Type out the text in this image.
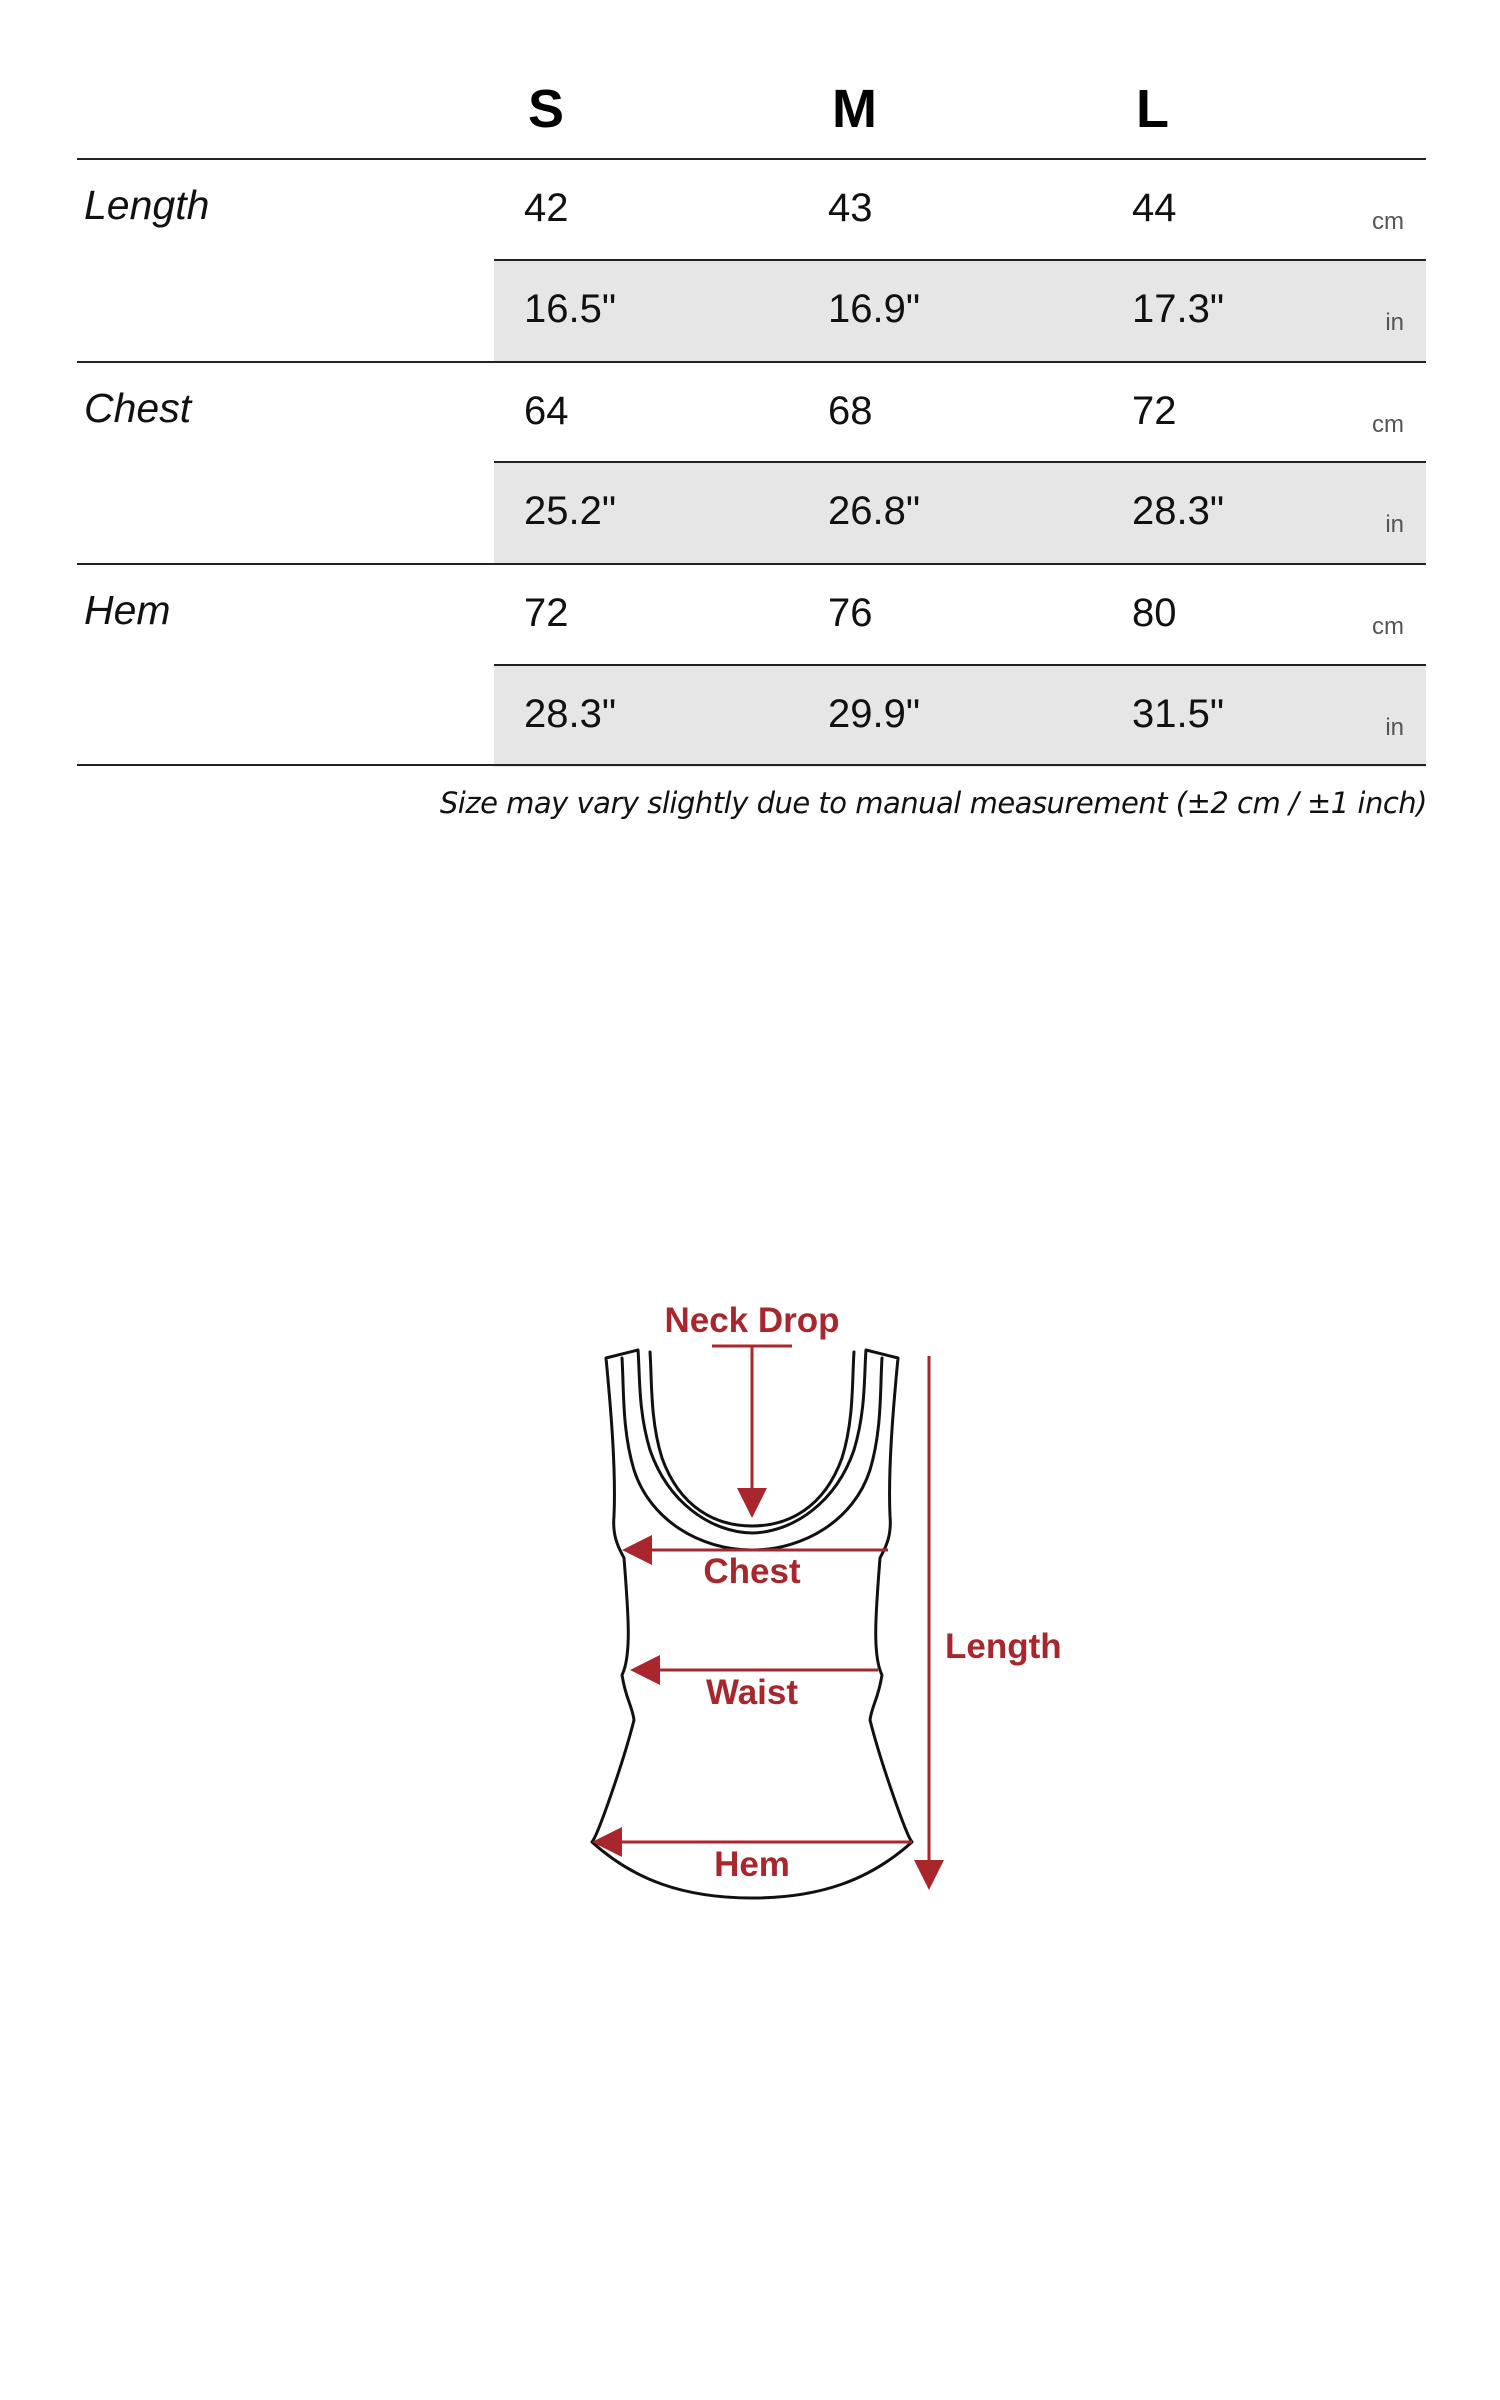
S	M	L
Length	42	43	44	cm
16.5"	16.9"	17.3"	in
Chest	64	68	72	cm
25.2"	26.8"	28.3"	in
Hem	72	76	80	cm
28.3"	29.9"	31.5"	in
Size may vary slightly due to manual measurement (±2 cm / ±1 inch)
Neck Drop
Chest
Waist
Hem
Length
